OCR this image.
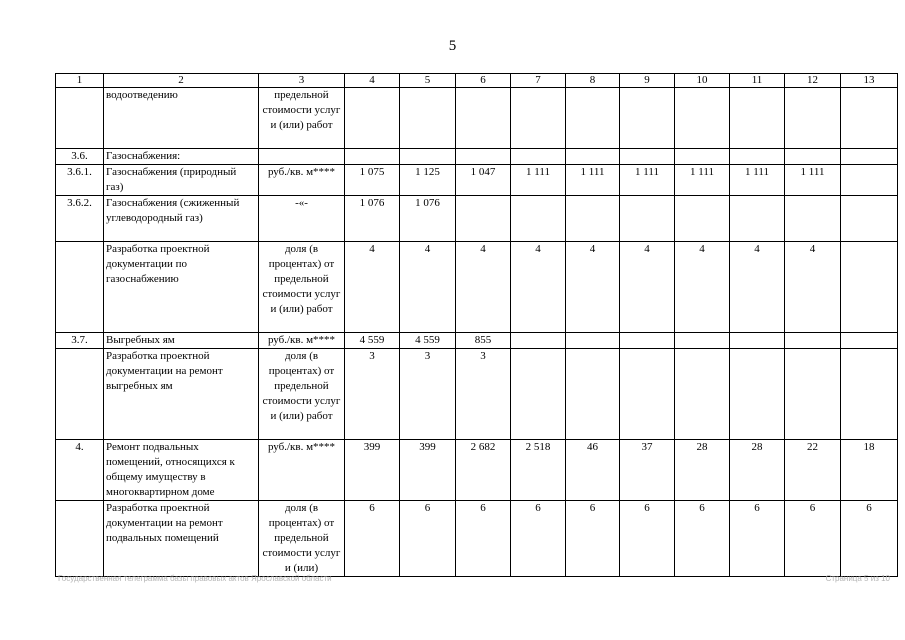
5
1	2	3	4	5	6	7	8	9	10	11	12	13
	водоотведению	предельной стоимости услуг и (или) работ										
3.6.	Газоснабжения:											
3.6.1.	Газоснабжения (природный газ)	руб./кв. м****	1 075	1 125	1 047	1 111	1 111	1 111	1 111	1 111	1 111	
3.6.2.	Газоснабжения (сжиженный углеводородный газ)	-«-	1 076	1 076								
	Разработка проектной документации по газоснабжению	доля (в процентах) от предельной стоимости услуг и (или) работ	4	4	4	4	4	4	4	4	4	
3.7.	Выгребных ям	руб./кв. м****	4 559	4 559	855							
	Разработка проектной документации на ремонт выгребных ям	доля (в процентах) от предельной стоимости услуг и (или) работ	3	3	3							
4.	Ремонт подвальных помещений, относящихся к общему имуществу в многоквартирном доме	руб./кв. м****	399	399	2 682	2 518	46	37	28	28	22	18
	Разработка проектной документации на ремонт подвальных помещений	доля (в процентах) от предельной стоимости услуг и (или)	6	6	6	6	6	6	6	6	6	6
Государственная телеграмма базы правовых актов Ярославской области	Страница 5 из 10
